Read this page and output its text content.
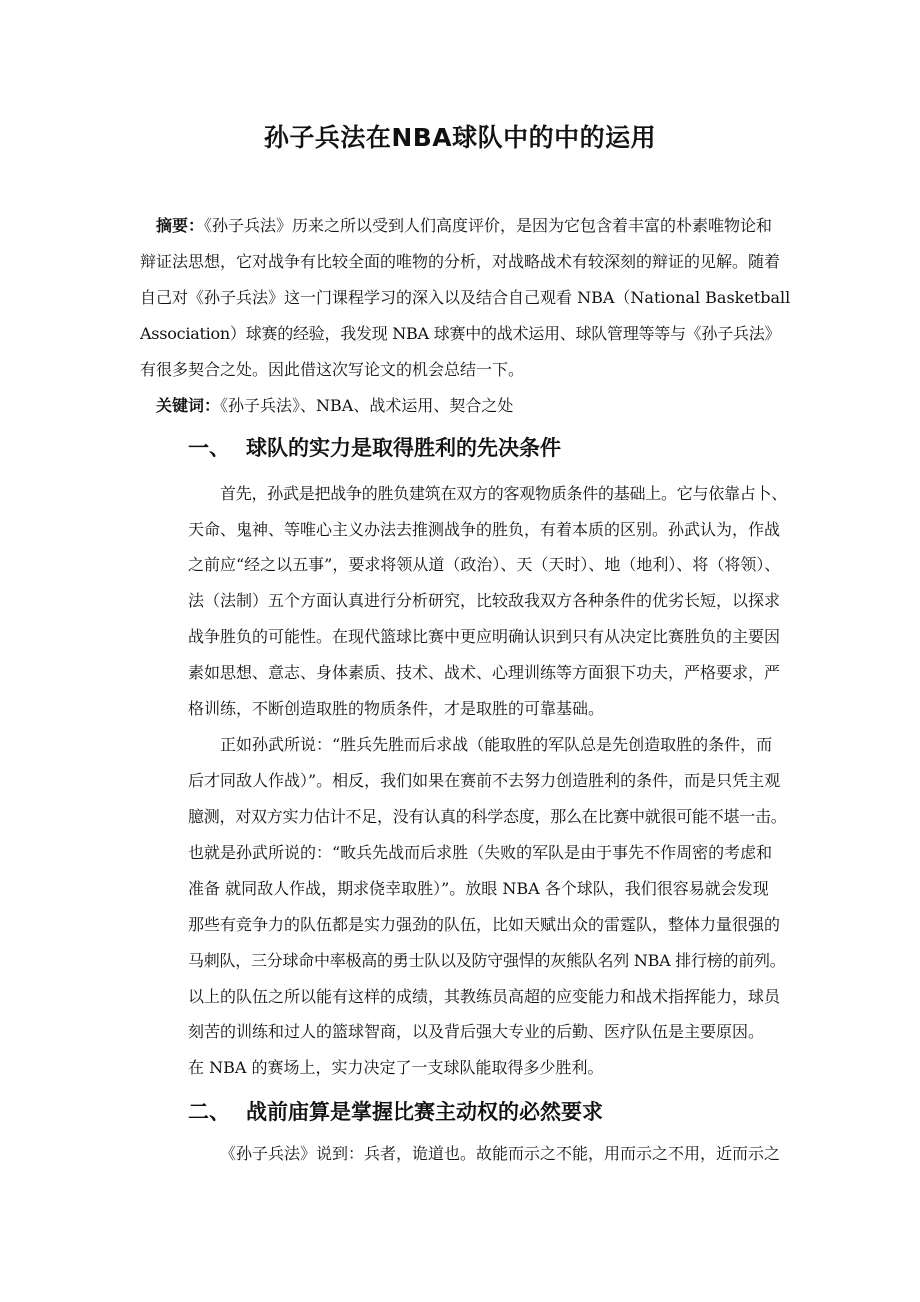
孙子兵法在NBA球队中的中的运用
摘要：《孙子兵法》历来之所以受到人们高度评价，是因为它包含着丰富的朴素唯物论和
辩证法思想，它对战争有比较全面的唯物的分析，对战略战术有较深刻的辩证的见解。随着
自己对《孙子兵法》这一门课程学习的深入以及结合自己观看 NBA（National Basketball
Association）球赛的经验，我发现 NBA 球赛中的战术运用、球队管理等等与《孙子兵法》
有很多契合之处。因此借这次写论文的机会总结一下。
关键词：《孙子兵法》、NBA、战术运用、契合之处
一、 球队的实力是取得胜利的先决条件
首先，孙武是把战争的胜负建筑在双方的客观物质条件的基础上。它与依靠占卜、
天命、鬼神、等唯心主义办法去推测战争的胜负，有着本质的区别。孙武认为，作战
之前应“经之以五事”，要求将领从道（政治）、天（天时）、地（地利）、将（将领）、
法（法制）五个方面认真进行分析研究，比较敌我双方各种条件的优劣长短，以探求
战争胜负的可能性。在现代篮球比赛中更应明确认识到只有从决定比赛胜负的主要因
素如思想、意志、身体素质、技术、战术、心理训练等方面狠下功夫，严格要求，严
格训练，不断创造取胜的物质条件，才是取胜的可靠基础。
正如孙武所说：“胜兵先胜而后求战（能取胜的军队总是先创造取胜的条件，而
后才同敌人作战）”。相反，我们如果在赛前不去努力创造胜利的条件，而是只凭主观
臆测，对双方实力估计不足，没有认真的科学态度，那么在比赛中就很可能不堪一击。
也就是孙武所说的：“畋兵先战而后求胜（失败的军队是由于事先不作周密的考虑和
准备 就同敌人作战，期求侥幸取胜）”。放眼 NBA 各个球队，我们很容易就会发现
那些有竞争力的队伍都是实力强劲的队伍，比如天赋出众的雷霆队，整体力量很强的
马刺队，三分球命中率极高的勇士队以及防守强悍的灰熊队名列 NBA 排行榜的前列。
以上的队伍之所以能有这样的成绩，其教练员高超的应变能力和战术指挥能力，球员
刻苦的训练和过人的篮球智商，以及背后强大专业的后勤、医疗队伍是主要原因。
在 NBA 的赛场上，实力决定了一支球队能取得多少胜利。
二、 战前庙算是掌握比赛主动权的必然要求
《孙子兵法》说到：兵者，诡道也。故能而示之不能，用而示之不用，近而示之
